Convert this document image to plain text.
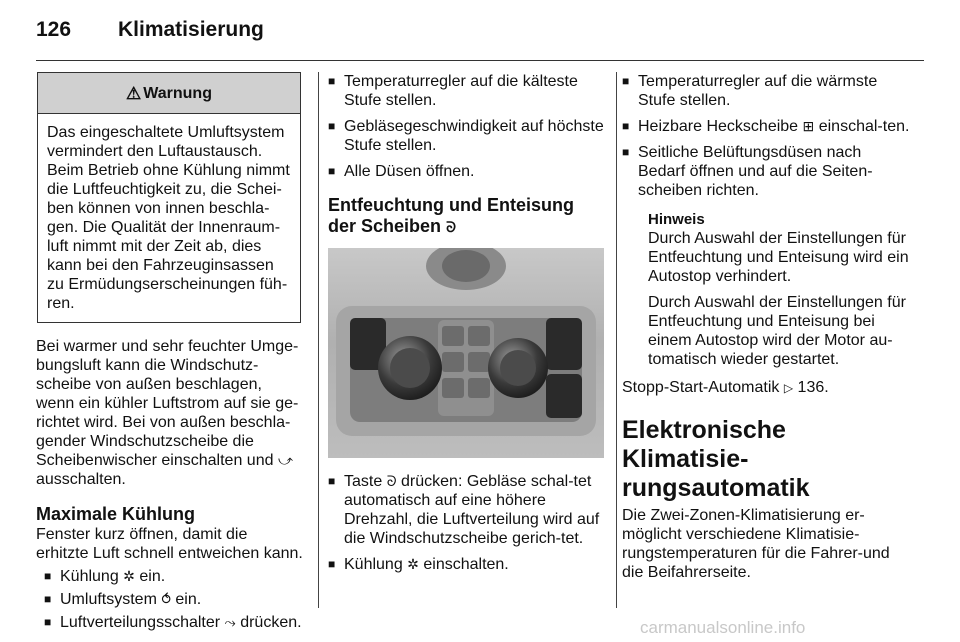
126 Klimatisierung
⚠ Warnung
Das eingeschaltete Umluftsystem vermindert den Luftaustausch. Beim Betrieb ohne Kühlung nimmt die Luftfeuchtigkeit zu, die Schei-ben können von innen beschla-gen. Die Qualität der Innenraum-luft nimmt mit der Zeit ab, dies kann bei den Fahrzeuginsassen zu Ermüdungserscheinungen füh-ren.

Bei warmer und sehr feuchter Umge-bungsluft kann die Windschutz-scheibe von außen beschlagen, wenn ein kühler Luftstrom auf sie ge-richtet wird. Bei von außen beschla-gender Windschutzscheibe die Scheibenwischer einschalten und ⤻ ausschalten.

Maximale Kühlung

Fenster kurz öffnen, damit die erhitzte Luft schnell entweichen kann.

■ Kühlung ✲ ein.
■ Umluftsystem ⥀ ein.
■ Luftverteilungsschalter ⤳ drücken.
■ Temperaturregler auf die kälteste Stufe stellen.
■ Gebläsegeschwindigkeit auf höchste Stufe stellen.
■ Alle Düsen öffnen.
Entfeuchtung und Enteisung der Scheiben ᘐ
■ Taste ᘐ drücken: Gebläse schal-tet automatisch auf eine höhere Drehzahl, die Luftverteilung wird auf die Windschutzscheibe gerich-tet.
■ Kühlung ✲ einschalten.
■ Temperaturregler auf die wärmste Stufe stellen.
■ Heizbare Heckscheibe ⊞ einschal-ten.
■ Seitliche Belüftungsdüsen nach Bedarf öffnen und auf die Seiten-scheiben richten.
Hinweis

Durch Auswahl der Einstellungen für Entfeuchtung und Enteisung wird ein Autostop verhindert.

Durch Auswahl der Einstellungen für Entfeuchtung und Enteisung bei einem Autostop wird der Motor au-tomatisch wieder gestartet.

Stopp-Start-Automatik ▷ 136.

Elektronische Klimatisie-rungsautomatik

Die Zwei-Zonen-Klimatisierung er-möglicht verschiedene Klimatisie-rungstemperaturen für die Fahrer-und die Beifahrerseite.

carmanualsonline.info
